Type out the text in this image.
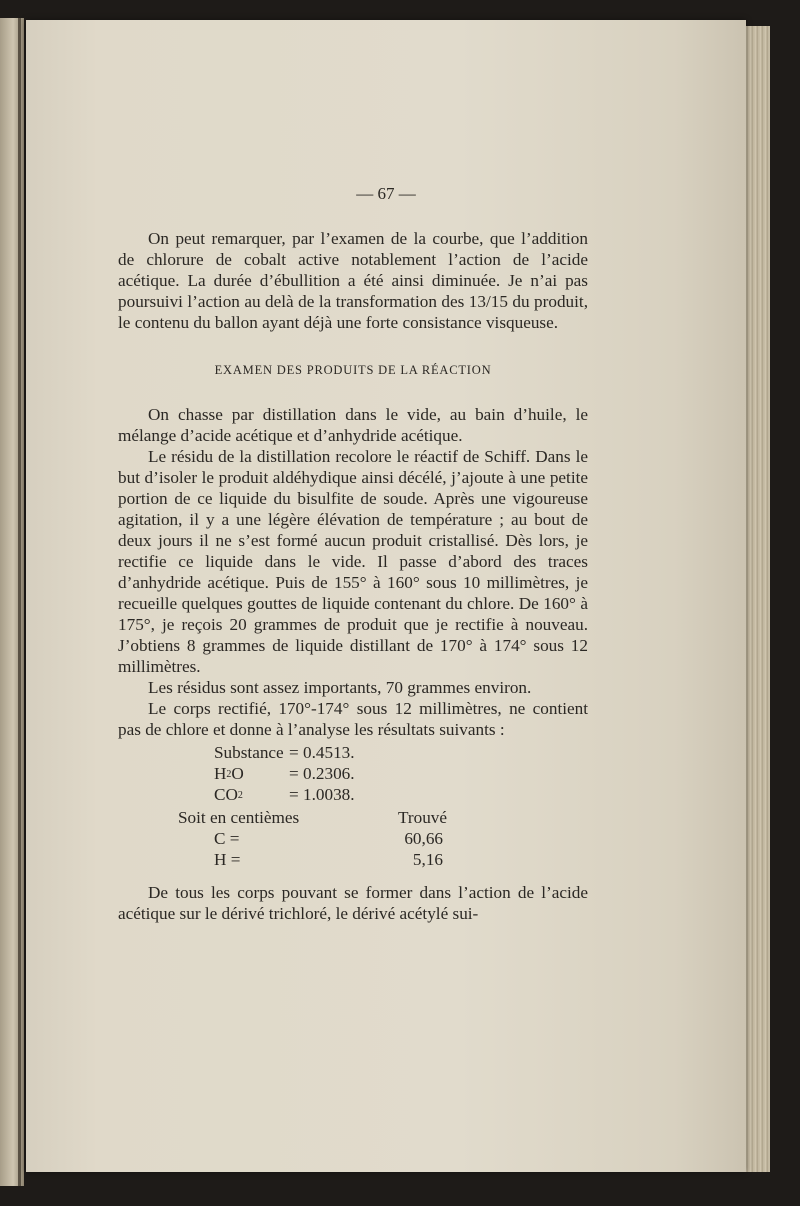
— 67 —

On peut remarquer, par l’examen de la courbe, que l’addition de chlorure de cobalt active notablement l’action de l’acide acétique. La durée d’ébullition a été ainsi diminuée. Je n’ai pas poursuivi l’action au delà de la transformation des 13/15 du produit, le contenu du ballon ayant déjà une forte consistance visqueuse.

EXAMEN DES PRODUITS DE LA RÉACTION

On chasse par distillation dans le vide, au bain d’huile, le mélange d’acide acétique et d’anhydride acétique.

Le résidu de la distillation recolore le réactif de Schiff. Dans le but d’isoler le produit aldéhydique ainsi décélé, j’ajoute à une petite portion de ce liquide du bisulfite de soude. Après une vigoureuse agitation, il y a une légère élévation de température ; au bout de deux jours il ne s’est formé aucun produit cristallisé. Dès lors, je rectifie ce liquide dans le vide. Il passe d’abord des traces d’anhydride acétique. Puis de 155° à 160° sous 10 millimètres, je recueille quelques gouttes de liquide contenant du chlore. De 160° à 175°, je reçois 20 grammes de produit que je rectifie à nouveau. J’obtiens 8 grammes de liquide distillant de 170° à 174° sous 12 millimètres.

Les résidus sont assez importants, 70 grammes environ.

Le corps rectifié, 170°-174° sous 12 millimètres, ne contient pas de chlore et donne à l’analyse les résultats suivants :

Substance = 0.4513.
$H^2O$	= 0.2306.
$CO^2$	= 1.0038.
Soit en centièmes	Trouvé
C =	60,66
H =	5,16

De tous les corps pouvant se former dans l’action de l’acide acétique sur le dérivé trichloré, le dérivé acétylé sui-
